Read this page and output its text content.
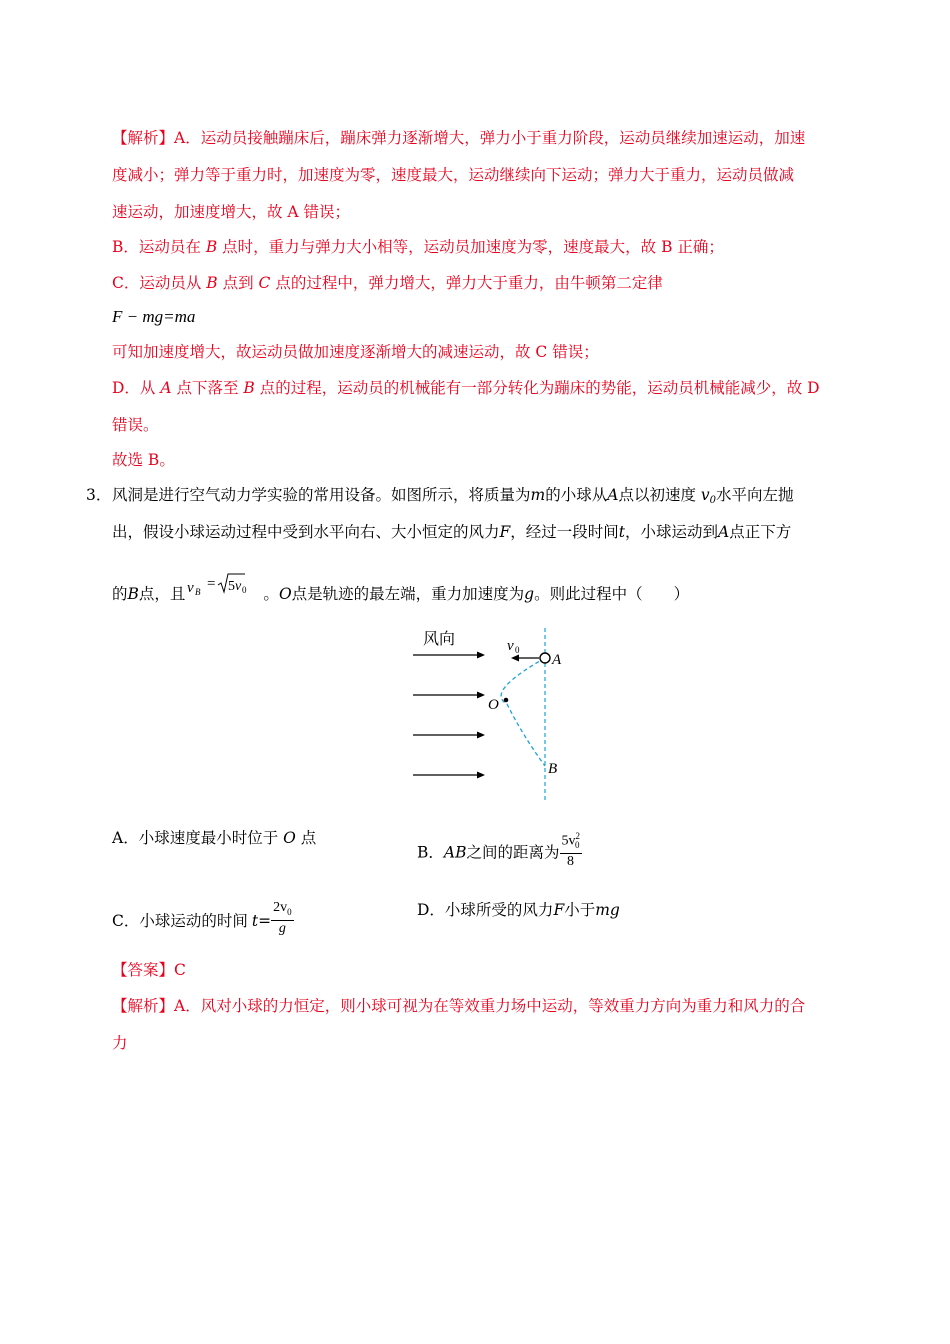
【解析】A．运动员接触蹦床后，蹦床弹力逐渐增大，弹力小于重力阶段，运动员继续加速运动，加速
度减小；弹力等于重力时，加速度为零，速度最大，运动继续向下运动；弹力大于重力，运动员做减
速运动，加速度增大，故 A 错误；
B．运动员在 B 点时，重力与弹力大小相等，运动员加速度为零，速度最大，故 B 正确；
C．运动员从 B 点到 C 点的过程中，弹力增大，弹力大于重力，由牛顿第二定律
F − mg=ma
可知加速度增大，故运动员做加速度逐渐增大的减速运动，故 C 错误；
D．从 A 点下落至 B 点的过程，运动员的机械能有一部分转化为蹦床的势能，运动员机械能减少，故 D
错误。
故选 B。
3． 风洞是进行空气动力学实验的常用设备。如图所示，将质量为m的小球从A点以初速度 $v_0$水平向左抛
出，假设小球运动过程中受到水平向右、大小恒定的风力F，经过一段时间t，小球运动到A点正下方
的B点，且 v B = 5 v 0 。O点是轨迹的最左端，重力加速度为g。则此过程中（　　）
风向	v 0
A
O
B
A．小球速度最小时位于 O 点
B．AB之间的距离为 $\frac{5v^2_0}{8}$
C．小球运动的时间 $t= \frac{2v_0}{g}$	D．小球所受的风力F小于mg
【答案】C
【解析】A．风对小球的力恒定，则小球可视为在等效重力场中运动，等效重力方向为重力和风力的合
力
